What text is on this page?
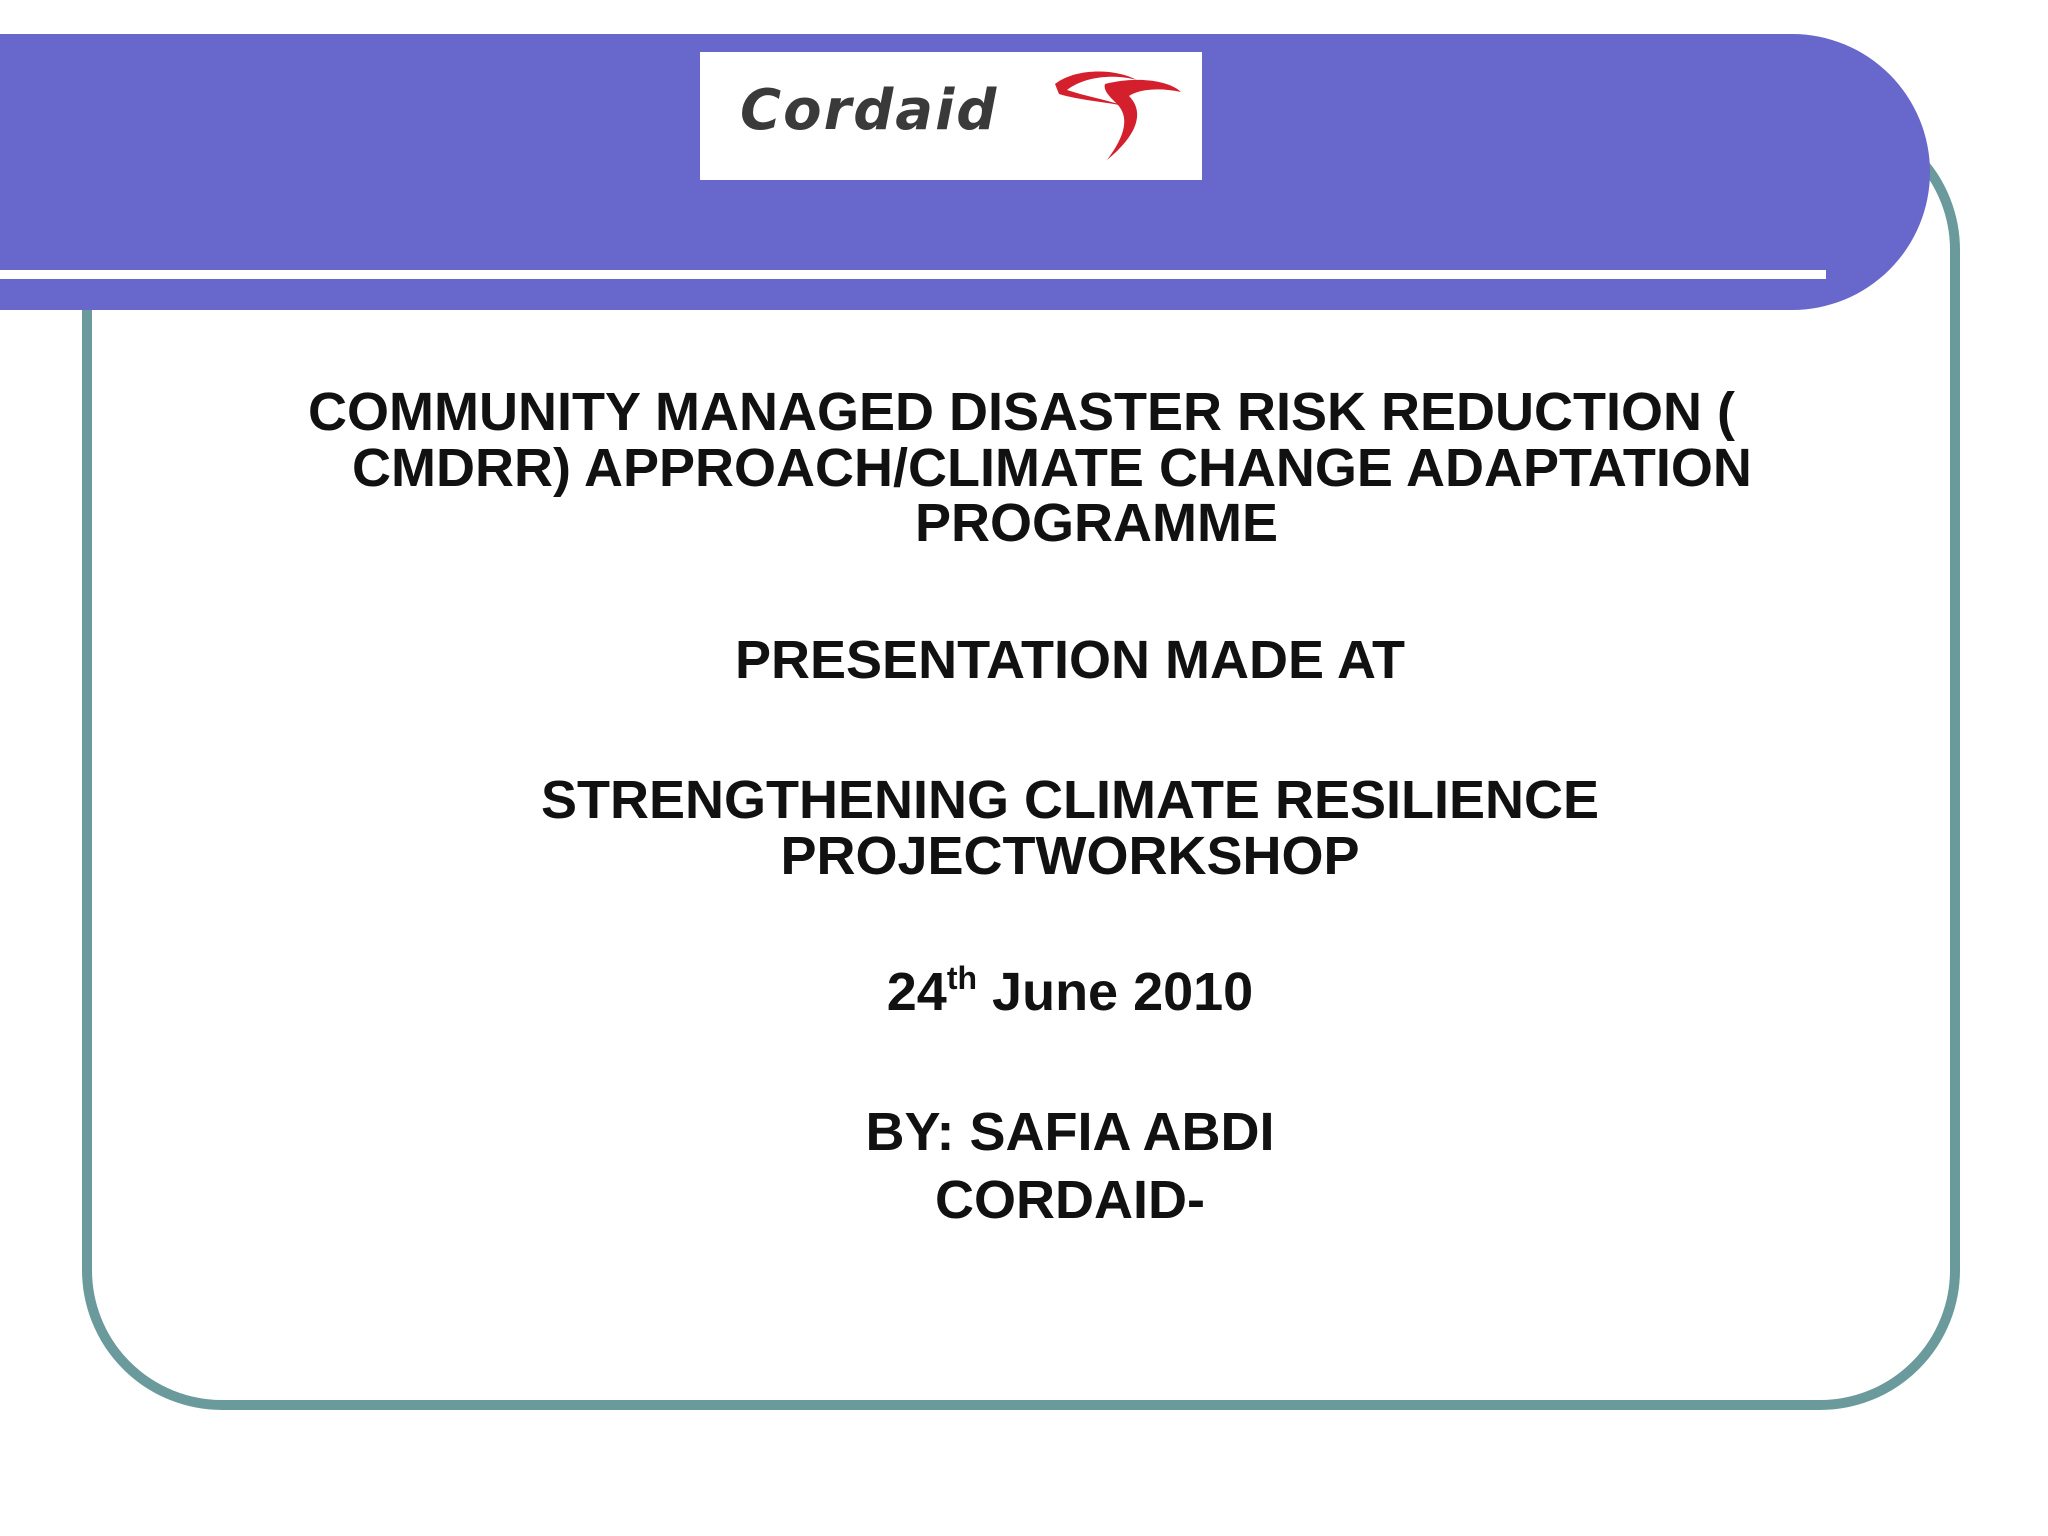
Cordaid

COMMUNITY MANAGED DISASTER RISK REDUCTION (

CMDRR) APPROACH/CLIMATE CHANGE ADAPTATION

PROGRAMME

PRESENTATION MADE AT

STRENGTHENING CLIMATE RESILIENCE

PROJECTWORKSHOP

24th June 2010

BY: SAFIA ABDI

CORDAID-
